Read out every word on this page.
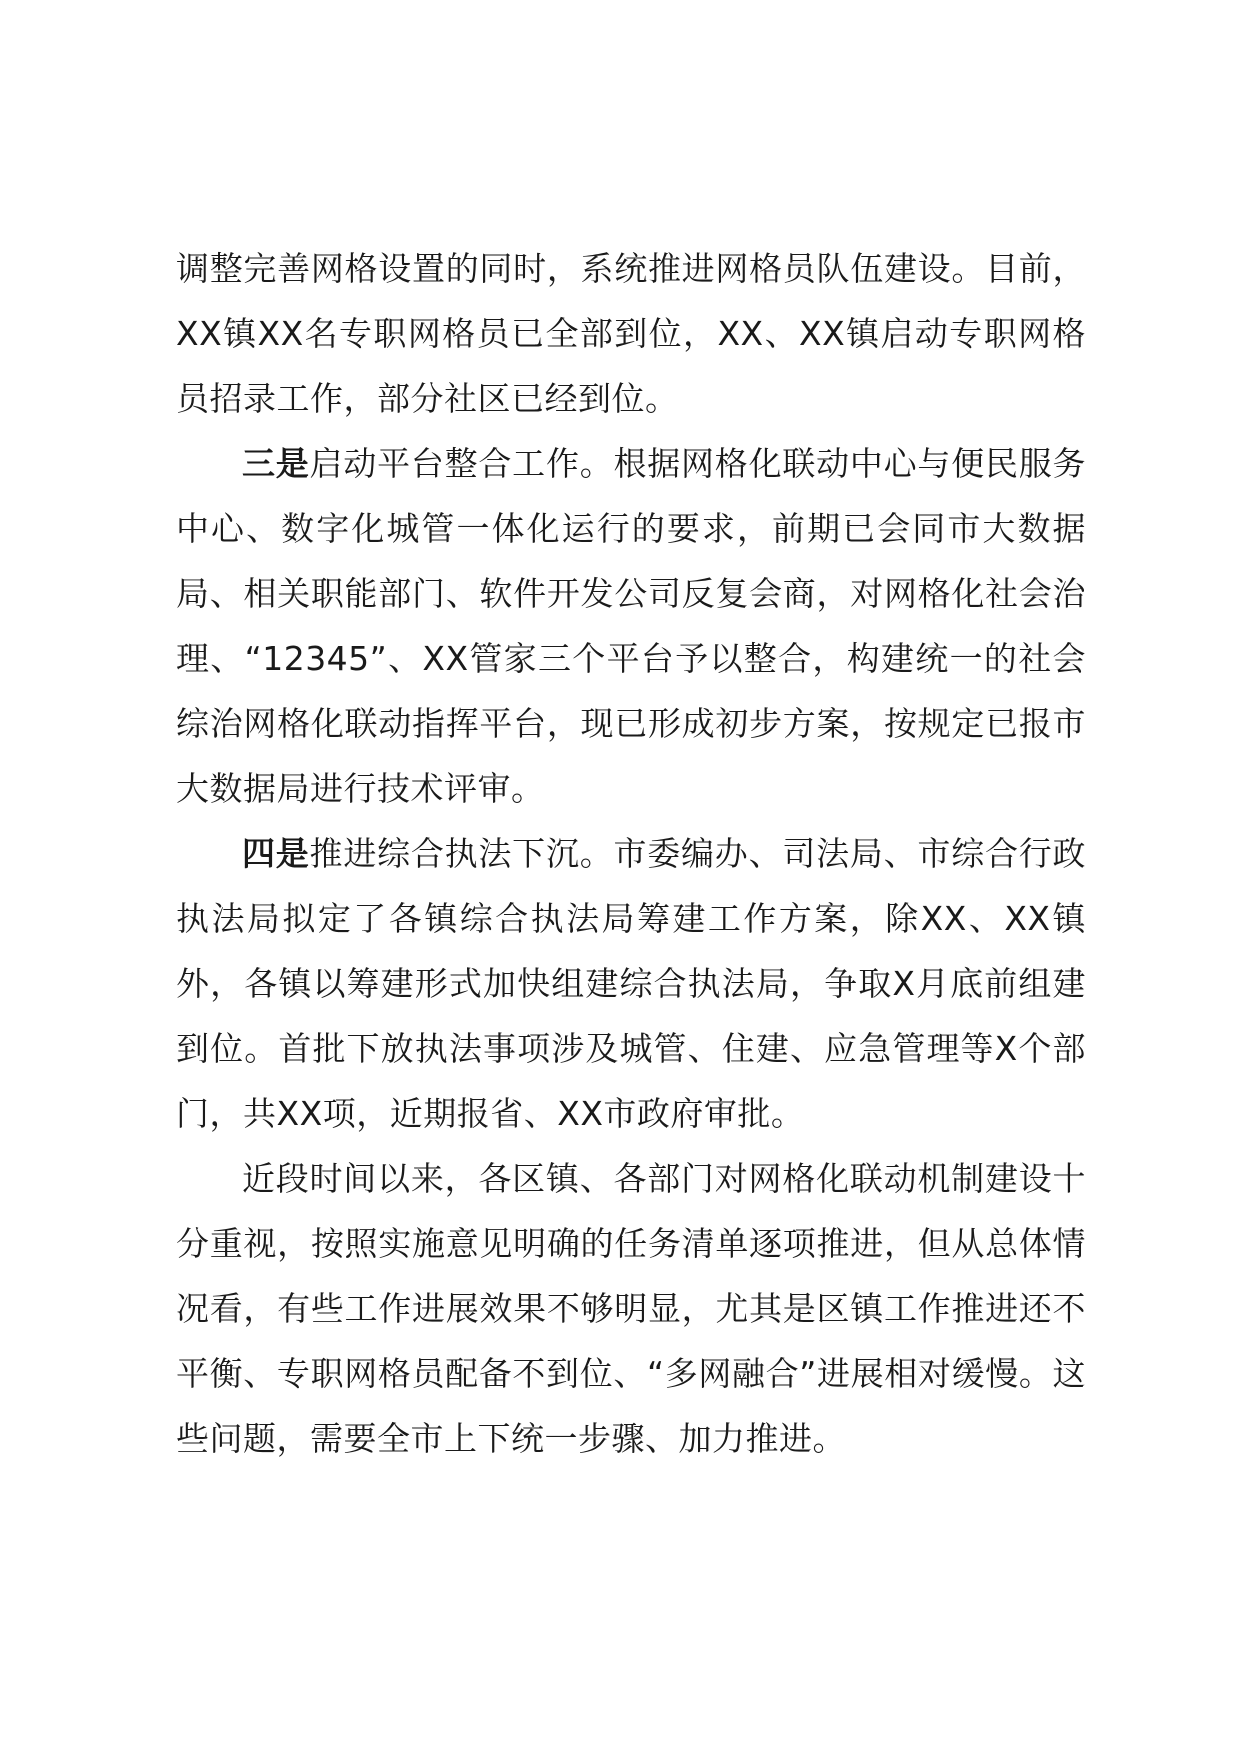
调整完善网格设置的同时，系统推进网格员队伍建设。目前，XX镇XX名专职网格员已全部到位，XX、XX镇启动专职网格员招录工作，部分社区已经到位。

三是启动平台整合工作。根据网格化联动中心与便民服务中心、数字化城管一体化运行的要求，前期已会同市大数据局、相关职能部门、软件开发公司反复会商，对网格化社会治理、“12345”、XX管家三个平台予以整合，构建统一的社会综治网格化联动指挥平台，现已形成初步方案，按规定已报市大数据局进行技术评审。

四是推进综合执法下沉。市委编办、司法局、市综合行政执法局拟定了各镇综合执法局筹建工作方案，除XX、XX镇外，各镇以筹建形式加快组建综合执法局，争取X月底前组建到位。首批下放执法事项涉及城管、住建、应急管理等X个部门，共XX项，近期报省、XX市政府审批。

近段时间以来，各区镇、各部门对网格化联动机制建设十分重视，按照实施意见明确的任务清单逐项推进，但从总体情况看，有些工作进展效果不够明显，尤其是区镇工作推进还不平衡、专职网格员配备不到位、“多网融合”进展相对缓慢。这些问题，需要全市上下统一步骤、加力推进。
